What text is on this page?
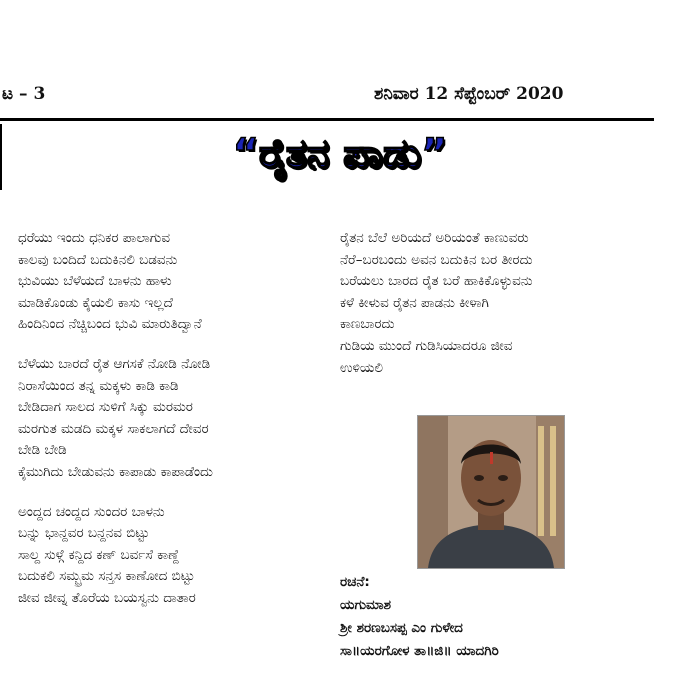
ಟ – 3	ಶನಿವಾರ 12 ಸೆಪ್ಟೆಂಬರ್ 2020
“ರೈತನ ಪಾಡು”
ಧರೆಯು ಇಂದು ಧನಿಕರ ಪಾಲಾಗುವ
ಕಾಲವು ಬಂದಿದೆ ಬದುಕಿನಲಿ ಬಡವನು
ಭುವಿಯು ಬೆಳೆಯದೆ ಬಾಳನು ಹಾಳು
ಮಾಡಿಕೊಂಡು ಕೈಯಲಿ ಕಾಸು ಇಲ್ಲದೆ
ಹಿಂದಿನಿಂದ ನೆಚ್ಚಿಬಂದ ಭುವಿ ಮಾರುತಿದ್ವಾನೆ
ಬೆಳೆಯು ಬಾರದೆ ರೈತ ಆಗಸಕೆ ನೋಡಿ ನೋಡಿ
ನಿರಾಸೆಯಿಂದ ತನ್ನ ಮಕ್ಕಳು ಕಾಡಿ ಕಾಡಿ
ಬೇಡಿದಾಗ ಸಾಲದ ಸುಳಿಗೆ ಸಿಕ್ಕು ಮರಮರ
ಮರಗುತ ಮಡದಿ ಮಕ್ಕಳ ಸಾಕಲಾಗದೆ ದೇವರ
ಬೇಡಿ ಬೇಡಿ
ಕೈಮುಗಿದು ಬೇಡುವನು ಕಾಪಾಡು ಕಾಪಾಡೆಂದು
ಅಂದ್ದದ ಚಂದ್ದದ ಸುಂದರ ಬಾಳನು
ಬನ್ನು ಭಾನ್ದವರ ಬನ್ದನವ ಬಿಟ್ಟು
ಸಾಲ್ದ ಸುಳ್ಗೆ ಕನ್ದಿದ ಕಣ್ ಬರ್ವಸೆ ಕಾಣ್ದೆ
ಬದುಕಲಿ ಸಮ್ಭ್ರಮ ಸನ್ತಸ ಕಾಣೋದ ಬಿಟ್ಟು
ಜೀವ ಜೀವ್ನ ತೊರೆಯ ಬಯಸ್ವನು ದಾತಾರ
ರೈತನ ಬೆಲೆ ಅರಿಯದೆ ಅರಿಯಂತೆ ಕಾಣುವರು
ನೆರೆ–ಬರಬಂದು ಅವನ ಬದುಕಿನ ಬರ ತೀರದು
ಬರೆಯಲು ಬಾರದ ರೈತ ಬರೆ ಹಾಕಿಕೊಳ್ಳುವನು
ಕಳೆ ಕೀಳುವ ರೈತನ ಪಾಡನು ಕೀಳಾಗಿ
ಕಾಣಬಾರದು
ಗುಡಿಯ ಮುಂದೆ ಗುಡಿಸಿಯಾದರೂ ಜೀವ
ಉಳಿಯಲಿ
ರಚನೆ:
ಯಗುಮಾಶ
ಶ್ರೀ ಶರಣಬಸಪ್ಪ ಎಂ ಗುಳೇದ
ಸಾ॥ಯರಗೋಳ ತಾ॥ಜಿ॥ ಯಾದಗಿರಿ
